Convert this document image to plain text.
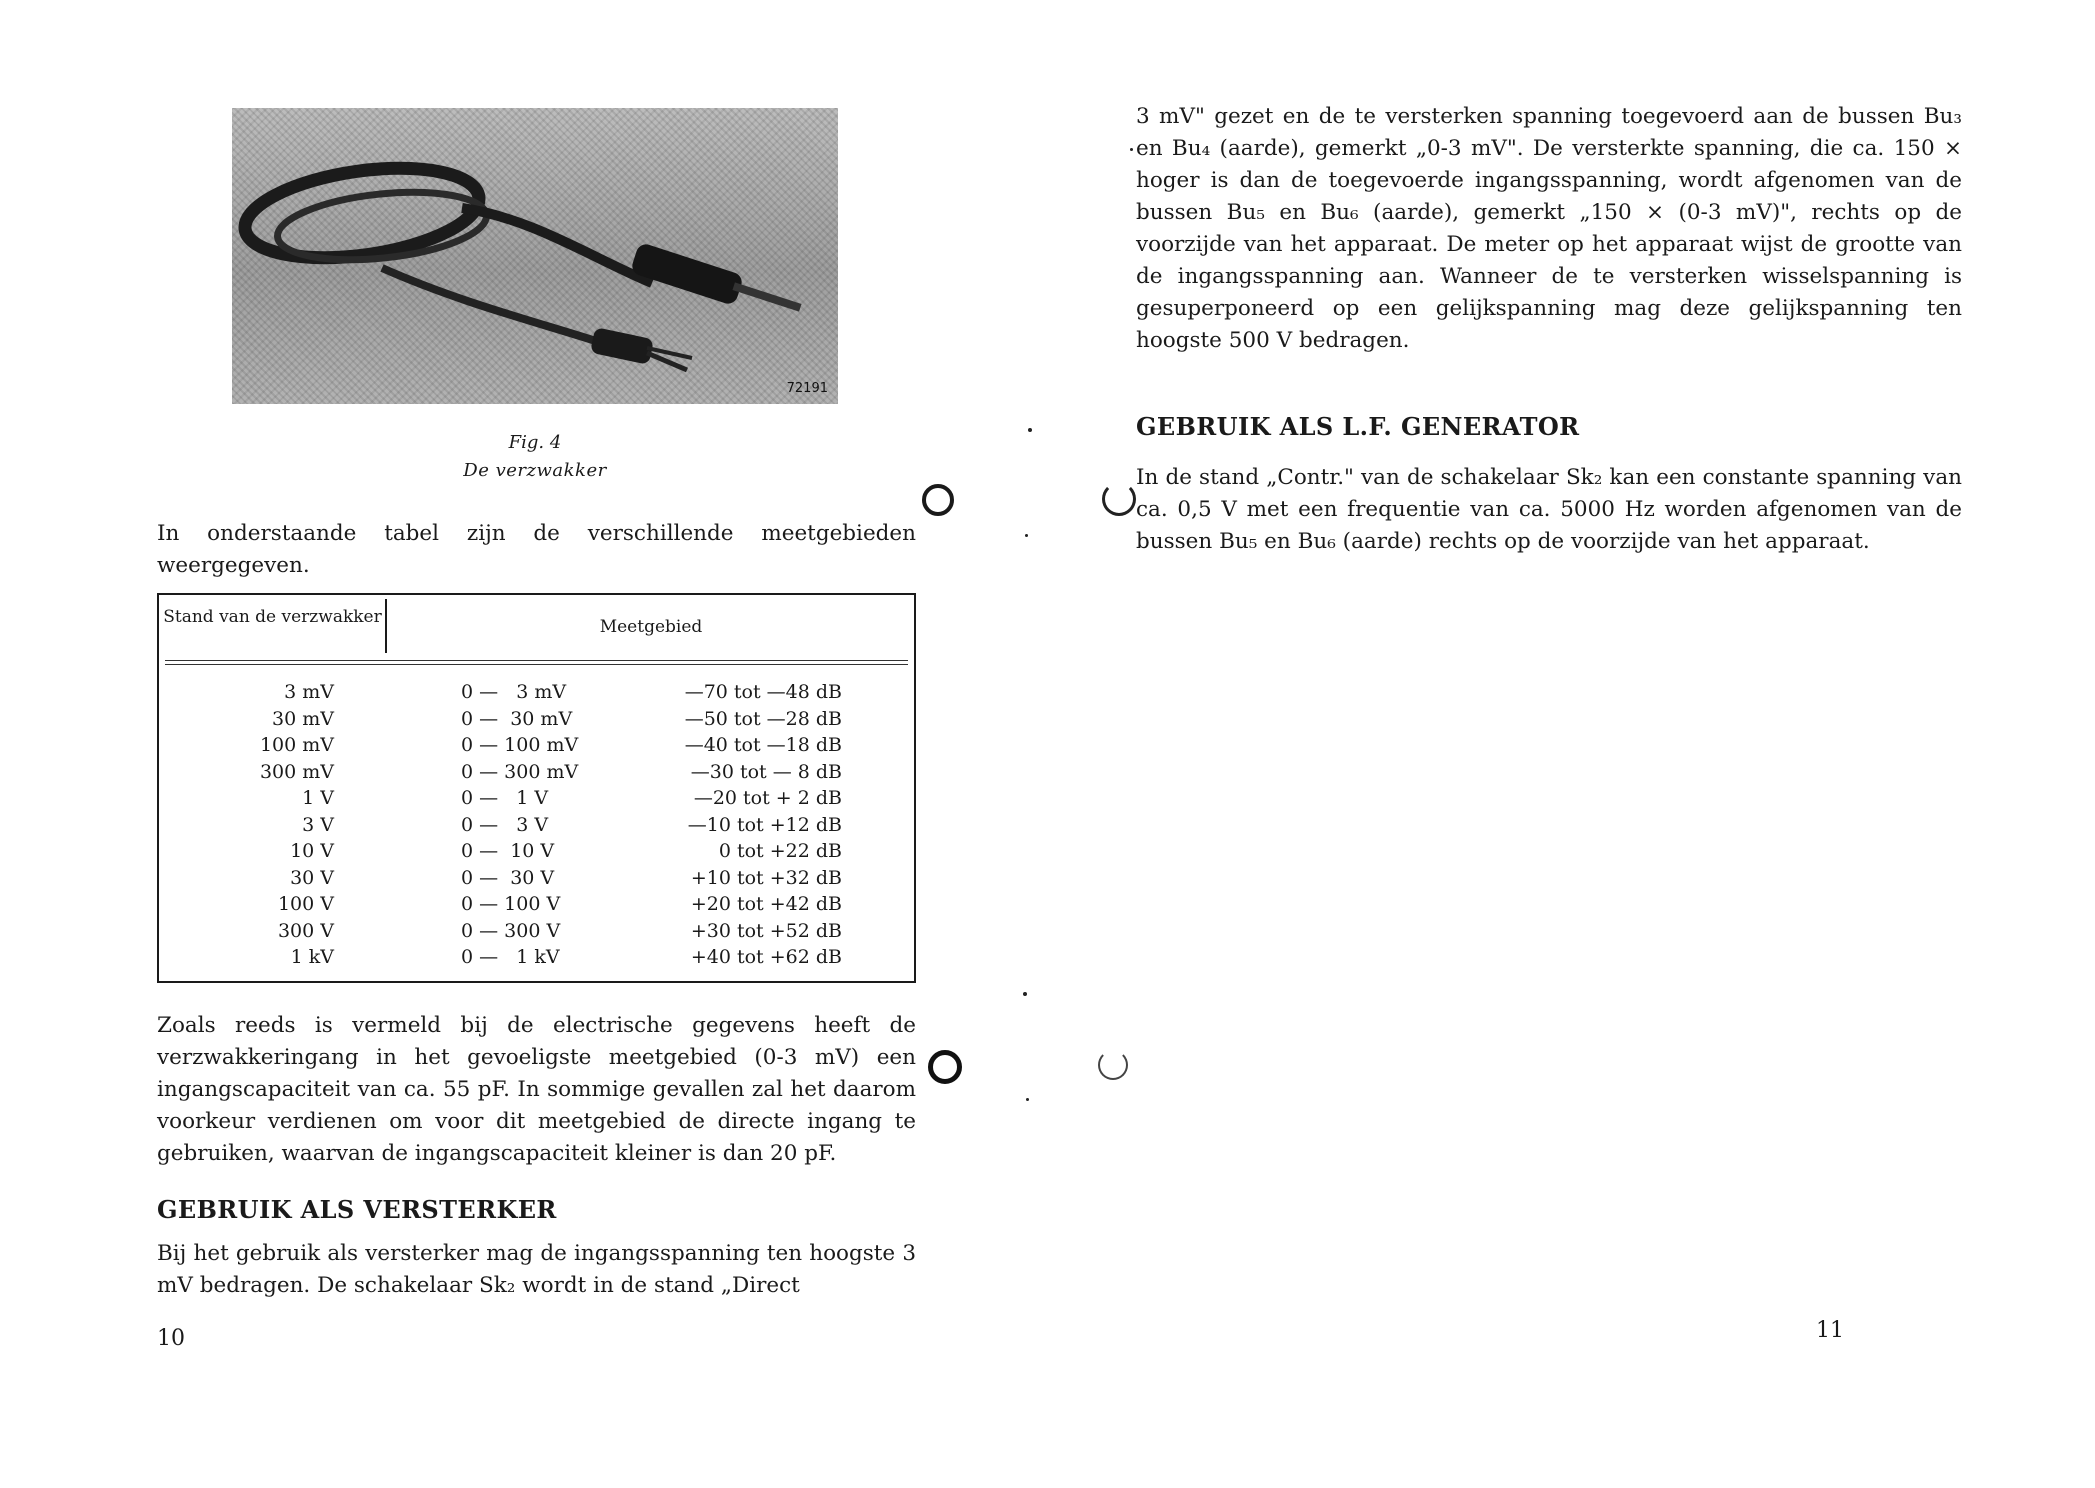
72191
Fig. 4
De verzwakker
In onderstaande tabel zijn de verschillende meetgebieden weergegeven.
Stand van de verzwakker	Meetgebied
3 mV	0 —   3 mV	—70 tot —48 dB
30 mV	0 —  30 mV	—50 tot —28 dB
100 mV	0 — 100 mV	—40 tot —18 dB
300 mV	0 — 300 mV	—30 tot — 8 dB
1 V	0 —   1 V	—20 tot + 2 dB
3 V	0 —   3 V	—10 tot +12 dB
10 V	0 —  10 V	0 tot +22 dB
30 V	0 —  30 V	+10 tot +32 dB
100 V	0 — 100 V	+20 tot +42 dB
300 V	0 — 300 V	+30 tot +52 dB
1 kV	0 —   1 kV	+40 tot +62 dB
Zoals reeds is vermeld bij de electrische gegevens heeft de verzwakkeringang in het gevoeligste meetgebied (0-3 mV) een ingangscapaciteit van ca. 55 pF. In sommige gevallen zal het daarom voorkeur verdienen om voor dit meetgebied de directe ingang te gebruiken, waarvan de ingangscapaciteit kleiner is dan 20 pF.
GEBRUIK ALS VERSTERKER
Bij het gebruik als versterker mag de ingangsspanning ten hoogste 3 mV bedragen. De schakelaar Sk₂ wordt in de stand „Direct
10
3 mV" gezet en de te versterken spanning toegevoerd aan de bussen Bu₃ en Bu₄ (aarde), gemerkt „0-3 mV". De versterkte spanning, die ca. 150 × hoger is dan de toegevoerde ingangsspanning, wordt afgenomen van de bussen Bu₅ en Bu₆ (aarde), gemerkt „150 × (0-3 mV)", rechts op de voorzijde van het apparaat. De meter op het apparaat wijst de grootte van de ingangsspanning aan. Wanneer de te versterken wisselspanning is gesuperponeerd op een gelijkspanning mag deze gelijkspanning ten hoogste 500 V bedragen.
GEBRUIK ALS L.F. GENERATOR
In de stand „Contr." van de schakelaar Sk₂ kan een constante spanning van ca. 0,5 V met een frequentie van ca. 5000 Hz worden afgenomen van de bussen Bu₅ en Bu₆ (aarde) rechts op de voorzijde van het apparaat.
11
